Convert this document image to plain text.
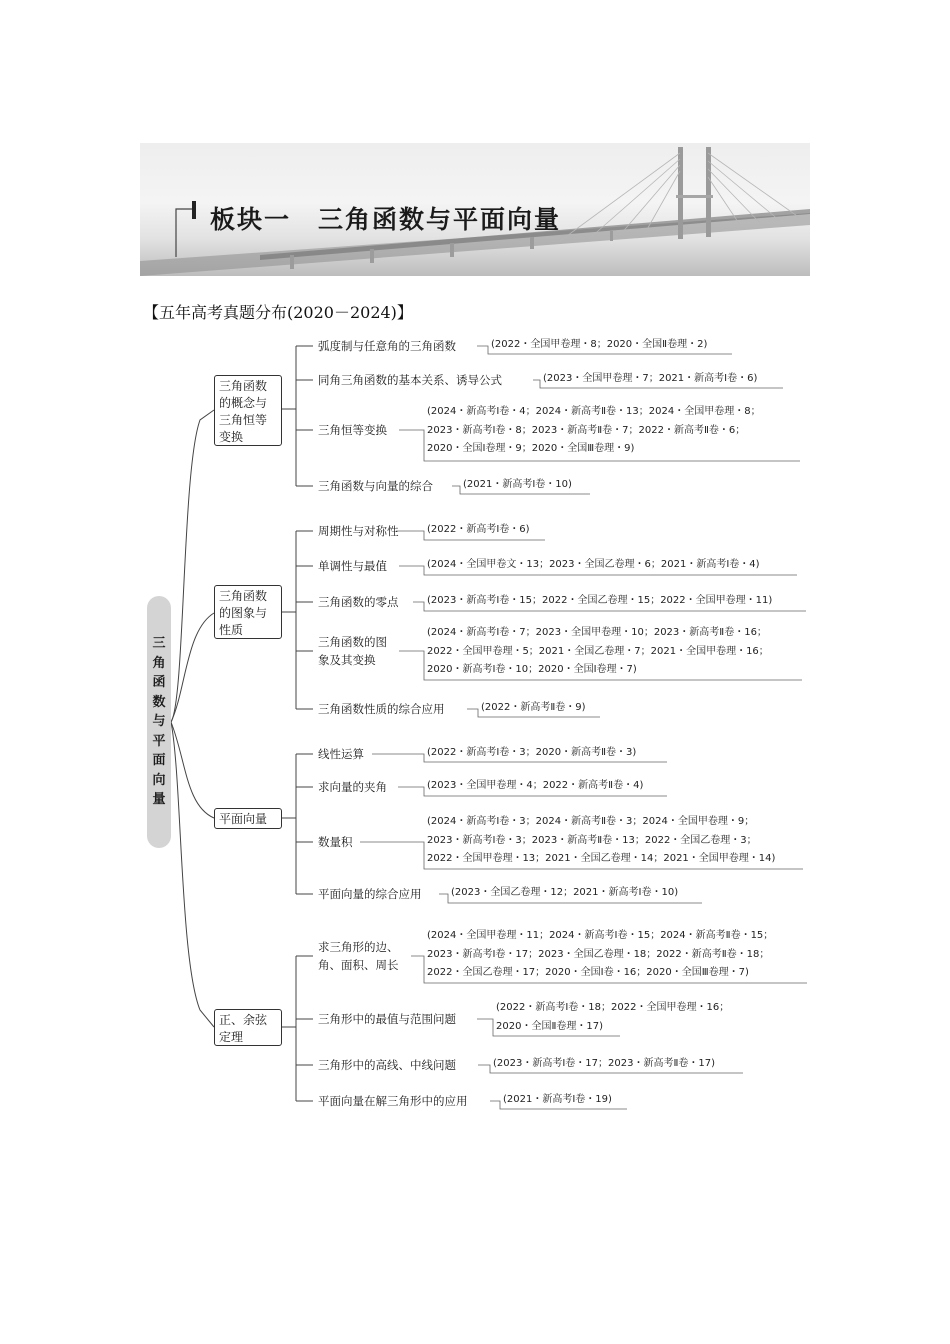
板块一　三角函数与平面向量
【五年高考真题分布(2020－2024)】
三角函数与平面向量
三角函数
的概念与
三角恒等
变换
弧度制与任意角的三角函数	(2022・全国甲卷理・8；2020・全国Ⅱ卷理・2)
同角三角函数的基本关系、诱导公式	(2023・全国甲卷理・7；2021・新高考Ⅰ卷・6)
三角恒等变换
(2024・新高考Ⅰ卷・4；2024・新高考Ⅱ卷・13；2024・全国甲卷理・8；
2023・新高考Ⅰ卷・8；2023・新高考Ⅱ卷・7；2022・新高考Ⅱ卷・6；
2020・全国Ⅰ卷理・9；2020・全国Ⅲ卷理・9)
三角函数与向量的综合	(2021・新高考Ⅰ卷・10)
三角函数
的图象与
性质
周期性与对称性	(2022・新高考Ⅰ卷・6)
单调性与最值	(2024・全国甲卷文・13；2023・全国乙卷理・6；2021・新高考Ⅰ卷・4)
三角函数的零点	(2023・新高考Ⅰ卷・15；2022・全国乙卷理・15；2022・全国甲卷理・11)
三角函数的图
象及其变换
(2024・新高考Ⅰ卷・7；2023・全国甲卷理・10；2023・新高考Ⅱ卷・16；
2022・全国甲卷理・5；2021・全国乙卷理・7；2021・全国甲卷理・16；
2020・新高考Ⅰ卷・10；2020・全国Ⅰ卷理・7)
三角函数性质的综合应用	(2022・新高考Ⅱ卷・9)
平面向量
线性运算	(2022・新高考Ⅰ卷・3；2020・新高考Ⅱ卷・3)
求向量的夹角	(2023・全国甲卷理・4；2022・新高考Ⅱ卷・4)
数量积
(2024・新高考Ⅰ卷・3；2024・新高考Ⅱ卷・3；2024・全国甲卷理・9；
2023・新高考Ⅰ卷・3；2023・新高考Ⅱ卷・13；2022・全国乙卷理・3；
2022・全国甲卷理・13；2021・全国乙卷理・14；2021・全国甲卷理・14)
平面向量的综合应用	(2023・全国乙卷理・12；2021・新高考Ⅰ卷・10)
正、余弦
定理
求三角形的边、
角、面积、周长
(2024・全国甲卷理・11；2024・新高考Ⅰ卷・15；2024・新高考Ⅱ卷・15；
2023・新高考Ⅰ卷・17；2023・全国乙卷理・18；2022・新高考Ⅱ卷・18；
2022・全国乙卷理・17；2020・全国Ⅰ卷・16；2020・全国Ⅲ卷理・7)
三角形中的最值与范围问题
(2022・新高考Ⅰ卷・18；2022・全国甲卷理・16；
2020・全国Ⅱ卷理・17)
三角形中的高线、中线问题	(2023・新高考Ⅰ卷・17；2023・新高考Ⅱ卷・17)
平面向量在解三角形中的应用	(2021・新高考Ⅰ卷・19)
